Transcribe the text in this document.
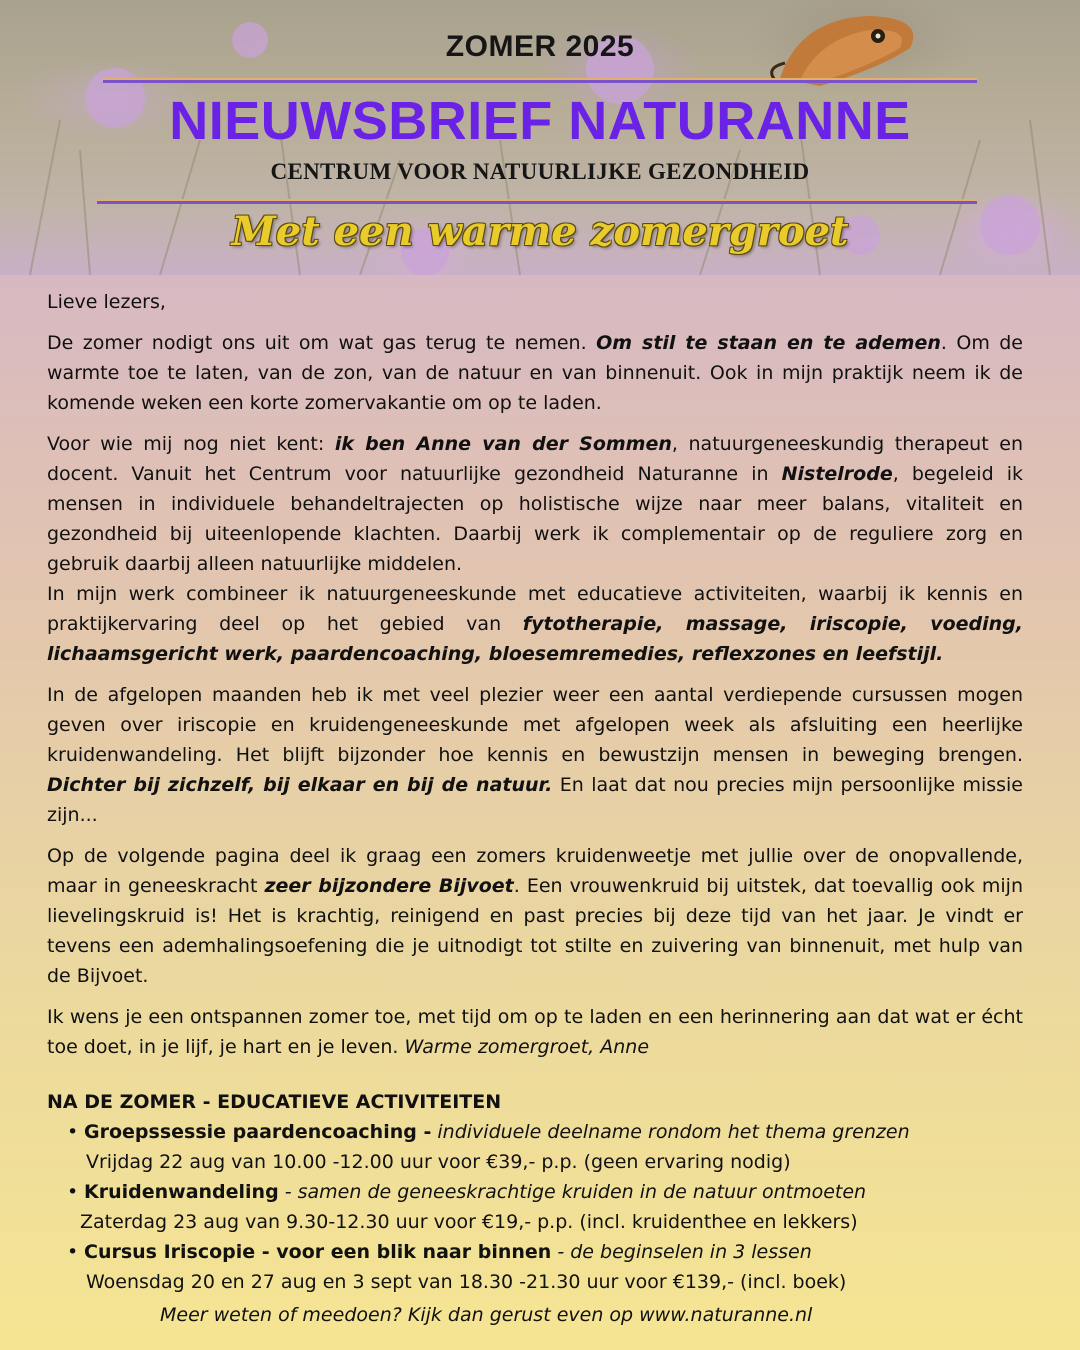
ZOMER 2025
NIEUWSBRIEF NATURANNE
CENTRUM VOOR NATUURLIJKE GEZONDHEID
Met een warme zomergroet

Lieve lezers,

De zomer nodigt ons uit om wat gas terug te nemen. Om stil te staan en te ademen. Om de warmte toe te laten, van de zon, van de natuur en van binnenuit. Ook in mijn praktijk neem ik de komende weken een korte zomervakantie om op te laden.

Voor wie mij nog niet kent: ik ben Anne van der Sommen, natuurgeneeskundig therapeut en docent. Vanuit het Centrum voor natuurlijke gezondheid Naturanne in Nistelrode, begeleid ik mensen in individuele behandeltrajecten op holistische wijze naar meer balans, vitaliteit en gezondheid bij uiteenlopende klachten. Daarbij werk ik complementair op de reguliere zorg en gebruik daarbij alleen natuurlijke middelen.

In mijn werk combineer ik natuurgeneeskunde met educatieve activiteiten, waarbij ik kennis en praktijkervaring deel op het gebied van fytotherapie, massage, iriscopie, voeding, lichaamsgericht werk, paardencoaching, bloesemremedies, reflexzones en leefstijl.

In de afgelopen maanden heb ik met veel plezier weer een aantal verdiepende cursussen mogen geven over iriscopie en kruidengeneeskunde met afgelopen week als afsluiting een heerlijke kruidenwandeling. Het blijft bijzonder hoe kennis en bewustzijn mensen in beweging brengen. Dichter bij zichzelf, bij elkaar en bij de natuur. En laat dat nou precies mijn persoonlijke missie zijn...

Op de volgende pagina deel ik graag een zomers kruidenweetje met jullie over de onopvallende, maar in geneeskracht zeer bijzondere Bijvoet. Een vrouwenkruid bij uitstek, dat toevallig ook mijn lievelingskruid is! Het is krachtig, reinigend en past precies bij deze tijd van het jaar. Je vindt er tevens een ademhalingsoefening die je uitnodigt tot stilte en zuivering van binnenuit, met hulp van de Bijvoet.

Ik wens je een ontspannen zomer toe, met tijd om op te laden en een herinnering aan dat wat er écht toe doet, in je lijf, je hart en je leven. Warme zomergroet, Anne

NA DE ZOMER - EDUCATIEVE ACTIVITEITEN
• Groepssessie paardencoaching - individuele deelname rondom het thema grenzen
Vrijdag 22 aug van 10.00 -12.00 uur voor €39,- p.p. (geen ervaring nodig)
• Kruidenwandeling - samen de geneeskrachtige kruiden in de natuur ontmoeten
Zaterdag 23 aug van 9.30-12.30 uur voor €19,- p.p. (incl. kruidenthee en lekkers)
• Cursus Iriscopie - voor een blik naar binnen - de beginselen in 3 lessen
Woensdag 20 en 27 aug en 3 sept van 18.30 -21.30 uur voor €139,- (incl. boek)
Meer weten of meedoen? Kijk dan gerust even op www.naturanne.nl
